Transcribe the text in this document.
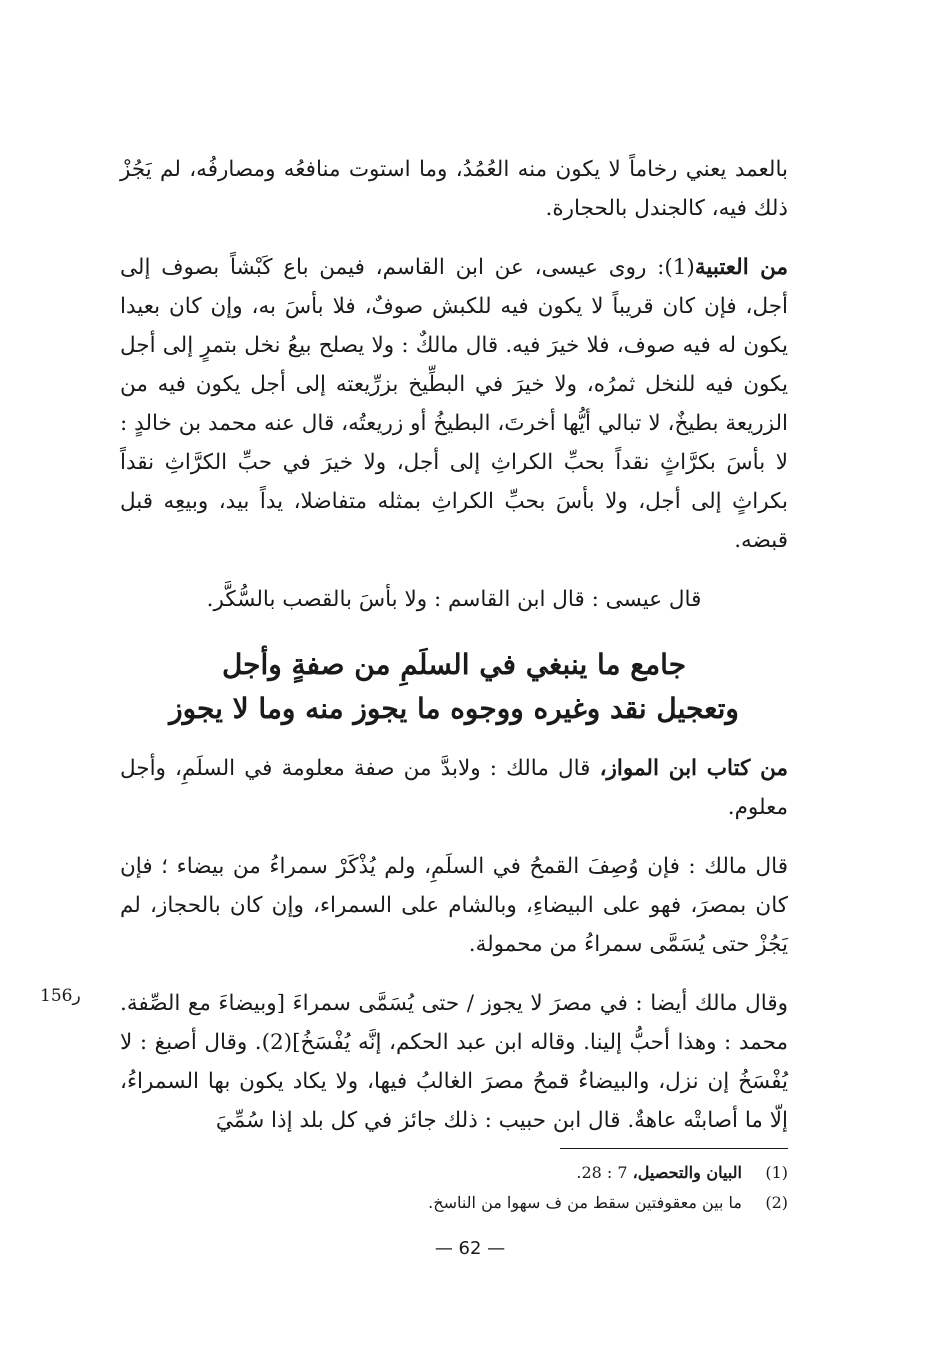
بالعمد يعني رخاماً لا يكون منه العُمُدُ، وما استوت منافعُه ومصارفُه، لم يَجُزْ ذلك فيه، كالجندل بالحجارة.

من العتبية(1): روى عيسى، عن ابن القاسم، فيمن باع كَبْشاً بصوف إلى أجل، فإن كان قريباً لا يكون فيه للكبش صوفٌ، فلا بأسَ به، وإن كان بعيدا يكون له فيه صوف، فلا خيرَ فيه. قال مالكٌ : ولا يصلح بيعُ نخل بتمرٍ إلى أجل يكون فيه للنخل ثمرُه، ولا خيرَ في البطِّيخ بزرِّيعته إلى أجل يكون فيه من الزريعة بطيخٌ، لا تبالي أيُّها أخرتَ، البطيخُ أو زريعتُه، قال عنه محمد بن خالدٍ : لا بأسَ بكرَّاثٍ نقداً بحبِّ الكراثِ إلى أجل، ولا خيرَ في حبِّ الكرَّاثِ نقداً بكراثٍ إلى أجل، ولا بأسَ بحبِّ الكراثِ بمثله متفاضلا، يداً بيد، وبيعِه قبل قبضه.

قال عيسى : قال ابن القاسم : ولا بأسَ بالقصب بالسُّكَّر.

جامع ما ينبغي في السلَمِ من صفةٍ وأجل
وتعجيل نقد وغيره ووجوه ما يجوز منه وما لا يجوز

من كتاب ابن المواز، قال مالك : ولابدَّ من صفة معلومة في السلَمِ، وأجل معلوم.

قال مالك : فإن وُصِفَ القمحُ في السلَمِ، ولم يُذْكَرْ سمراءُ من بيضاء ؛ فإن كان بمصرَ، فهو على البيضاءِ، وبالشام على السمراء، وإن كان بالحجاز، لم يَجُزْ حتى يُسَمَّى سمراءُ من محمولة.

وقال مالك أيضا : في مصرَ لا يجوز / حتى يُسَمَّى سمراءَ [وبيضاءَ مع الصِّفة. محمد : وهذا أحبُّ إلينا. وقاله ابن عبد الحكم، إنَّه يُفْسَخُ](2). وقال أصبغ : لا يُفْسَخُ إن نزل، والبيضاءُ قمحُ مصرَ الغالبُ فيها، ولا يكاد يكون بها السمراءُ، إلّا ما أصابتْه عاهةٌ. قال ابن حبيب : ذلك جائز في كل بلد إذا سُمِّيَ

156ر
(1)البيان والتحصيل، 7 : 28.
(2)ما بين معقوفتين سقط من ف سهوا من الناسخ.
— 62 —
